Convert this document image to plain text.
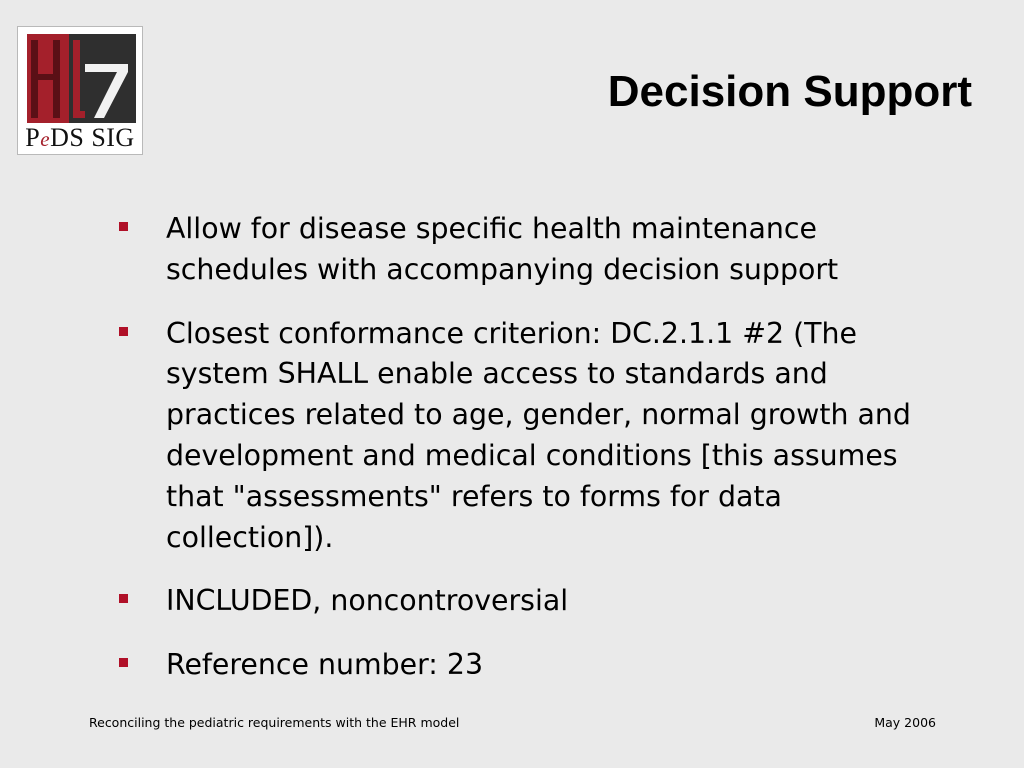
PeDS SIG
Decision Support
Allow for disease specific health maintenance schedules with accompanying decision support
Closest conformance criterion: DC.2.1.1 #2 (The system SHALL enable access to standards and practices related to age, gender, normal growth and development and medical conditions [this assumes that "assessments" refers to forms for data collection]).
INCLUDED, noncontroversial
Reference number: 23
Reconciling the pediatric requirements with the EHR model	May 2006
